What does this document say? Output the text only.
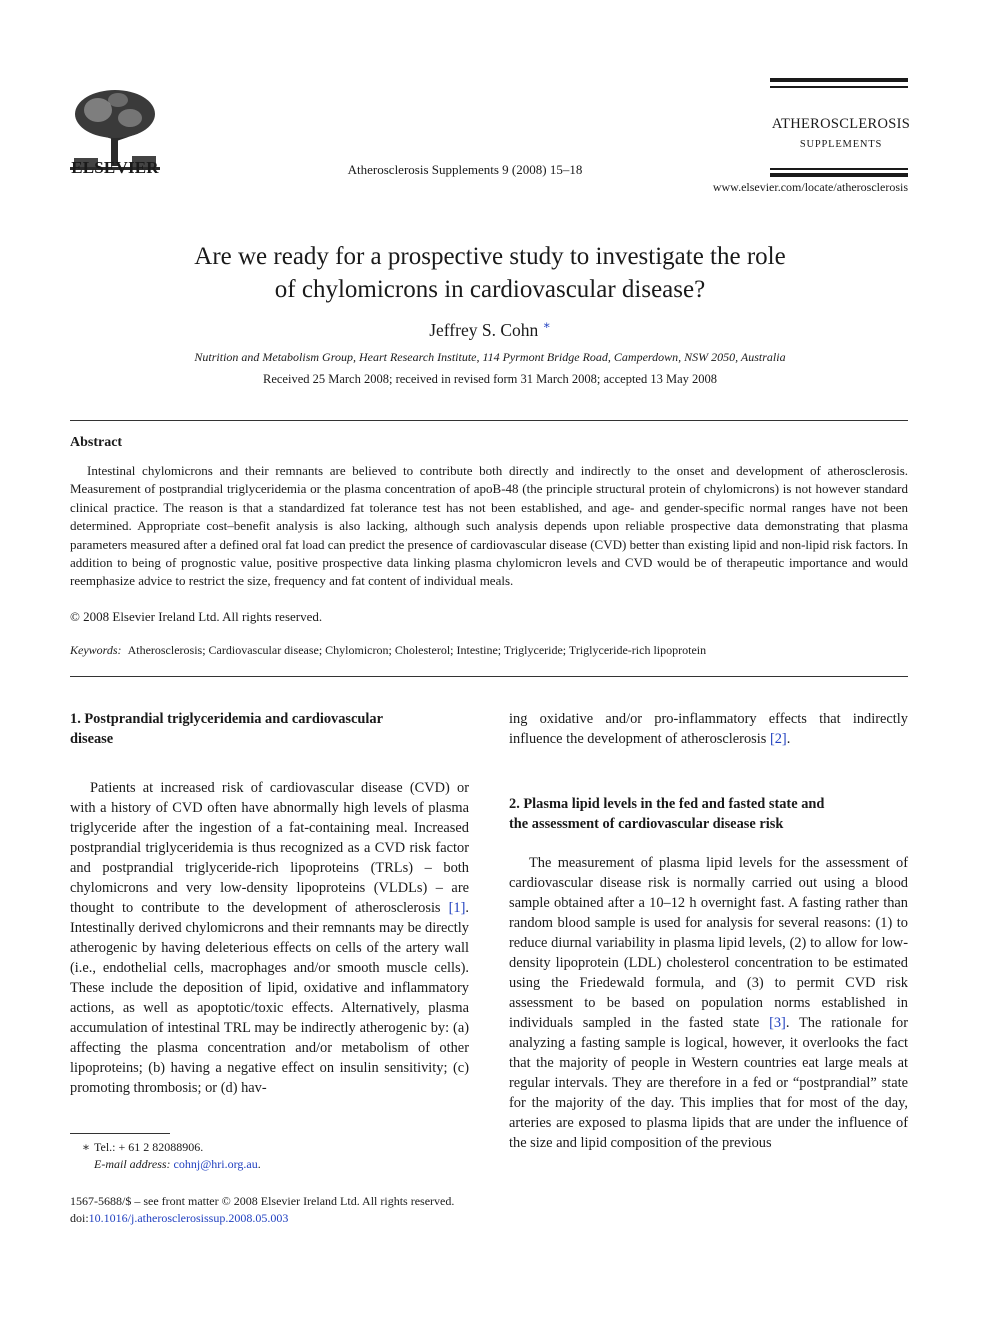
ELSEVIER	Atherosclerosis Supplements 9 (2008) 15–18
ATHEROSCLEROSIS
SUPPLEMENTS
www.elsevier.com/locate/atherosclerosis
Are we ready for a prospective study to investigate the role
of chylomicrons in cardiovascular disease?
Jeffrey S. Cohn ∗
Nutrition and Metabolism Group, Heart Research Institute, 114 Pyrmont Bridge Road, Camperdown, NSW 2050, Australia
Received 25 March 2008; received in revised form 31 March 2008; accepted 13 May 2008
Abstract

Intestinal chylomicrons and their remnants are believed to contribute both directly and indirectly to the onset and development of atherosclerosis. Measurement of postprandial triglyceridemia or the plasma concentration of apoB-48 (the principle structural protein of chylomicrons) is not however standard clinical practice. The reason is that a standardized fat tolerance test has not been established, and age- and gender-specific normal ranges have not been determined. Appropriate cost–benefit analysis is also lacking, although such analysis depends upon reliable prospective data demonstrating that plasma parameters measured after a defined oral fat load can predict the presence of cardiovascular disease (CVD) better than existing lipid and non-lipid risk factors. In addition to being of prognostic value, positive prospective data linking plasma chylomicron levels and CVD would be of therapeutic importance and would reemphasize advice to restrict the size, frequency and fat content of individual meals.

© 2008 Elsevier Ireland Ltd. All rights reserved.
Keywords: Atherosclerosis; Cardiovascular disease; Chylomicron; Cholesterol; Intestine; Triglyceride; Triglyceride-rich lipoprotein
1. Postprandial triglyceridemia and cardiovascular
disease

Patients at increased risk of cardiovascular disease (CVD) or with a history of CVD often have abnormally high levels of plasma triglyceride after the ingestion of a fat-containing meal. Increased postprandial triglyceridemia is thus recognized as a CVD risk factor and postprandial triglyceride-rich lipoproteins (TRLs) – both chylomicrons and very low-density lipoproteins (VLDLs) – are thought to contribute to the development of atherosclerosis [1]. Intestinally derived chylomicrons and their remnants may be directly atherogenic by having deleterious effects on cells of the artery wall (i.e., endothelial cells, macrophages and/or smooth muscle cells). These include the deposition of lipid, oxidative and inflammatory actions, as well as apoptotic/toxic effects. Alternatively, plasma accumulation of intestinal TRL may be indirectly atherogenic by: (a) affecting the plasma concentration and/or metabolism of other lipoproteins; (b) having a negative effect on insulin sensitivity; (c) promoting thrombosis; or (d) hav-

∗ Tel.: + 61 2 82088906.
E-mail address: cohnj@hri.org.au.
1567-5688/$ – see front matter © 2008 Elsevier Ireland Ltd. All rights reserved.
doi:10.1016/j.atherosclerosissup.2008.05.003

ing oxidative and/or pro-inflammatory effects that indirectly influence the development of atherosclerosis [2].

2. Plasma lipid levels in the fed and fasted state and
the assessment of cardiovascular disease risk

The measurement of plasma lipid levels for the assessment of cardiovascular disease risk is normally carried out using a blood sample obtained after a 10–12 h overnight fast. A fasting rather than random blood sample is used for analysis for several reasons: (1) to reduce diurnal variability in plasma lipid levels, (2) to allow for low-density lipoprotein (LDL) cholesterol concentration to be estimated using the Friedewald formula, and (3) to permit CVD risk assessment to be based on population norms established in individuals sampled in the fasted state [3]. The rationale for analyzing a fasting sample is logical, however, it overlooks the fact that the majority of people in Western countries eat large meals at regular intervals. They are therefore in a fed or “postprandial” state for the majority of the day. This implies that for most of the day, arteries are exposed to plasma lipids that are under the influence of the size and lipid composition of the previous
